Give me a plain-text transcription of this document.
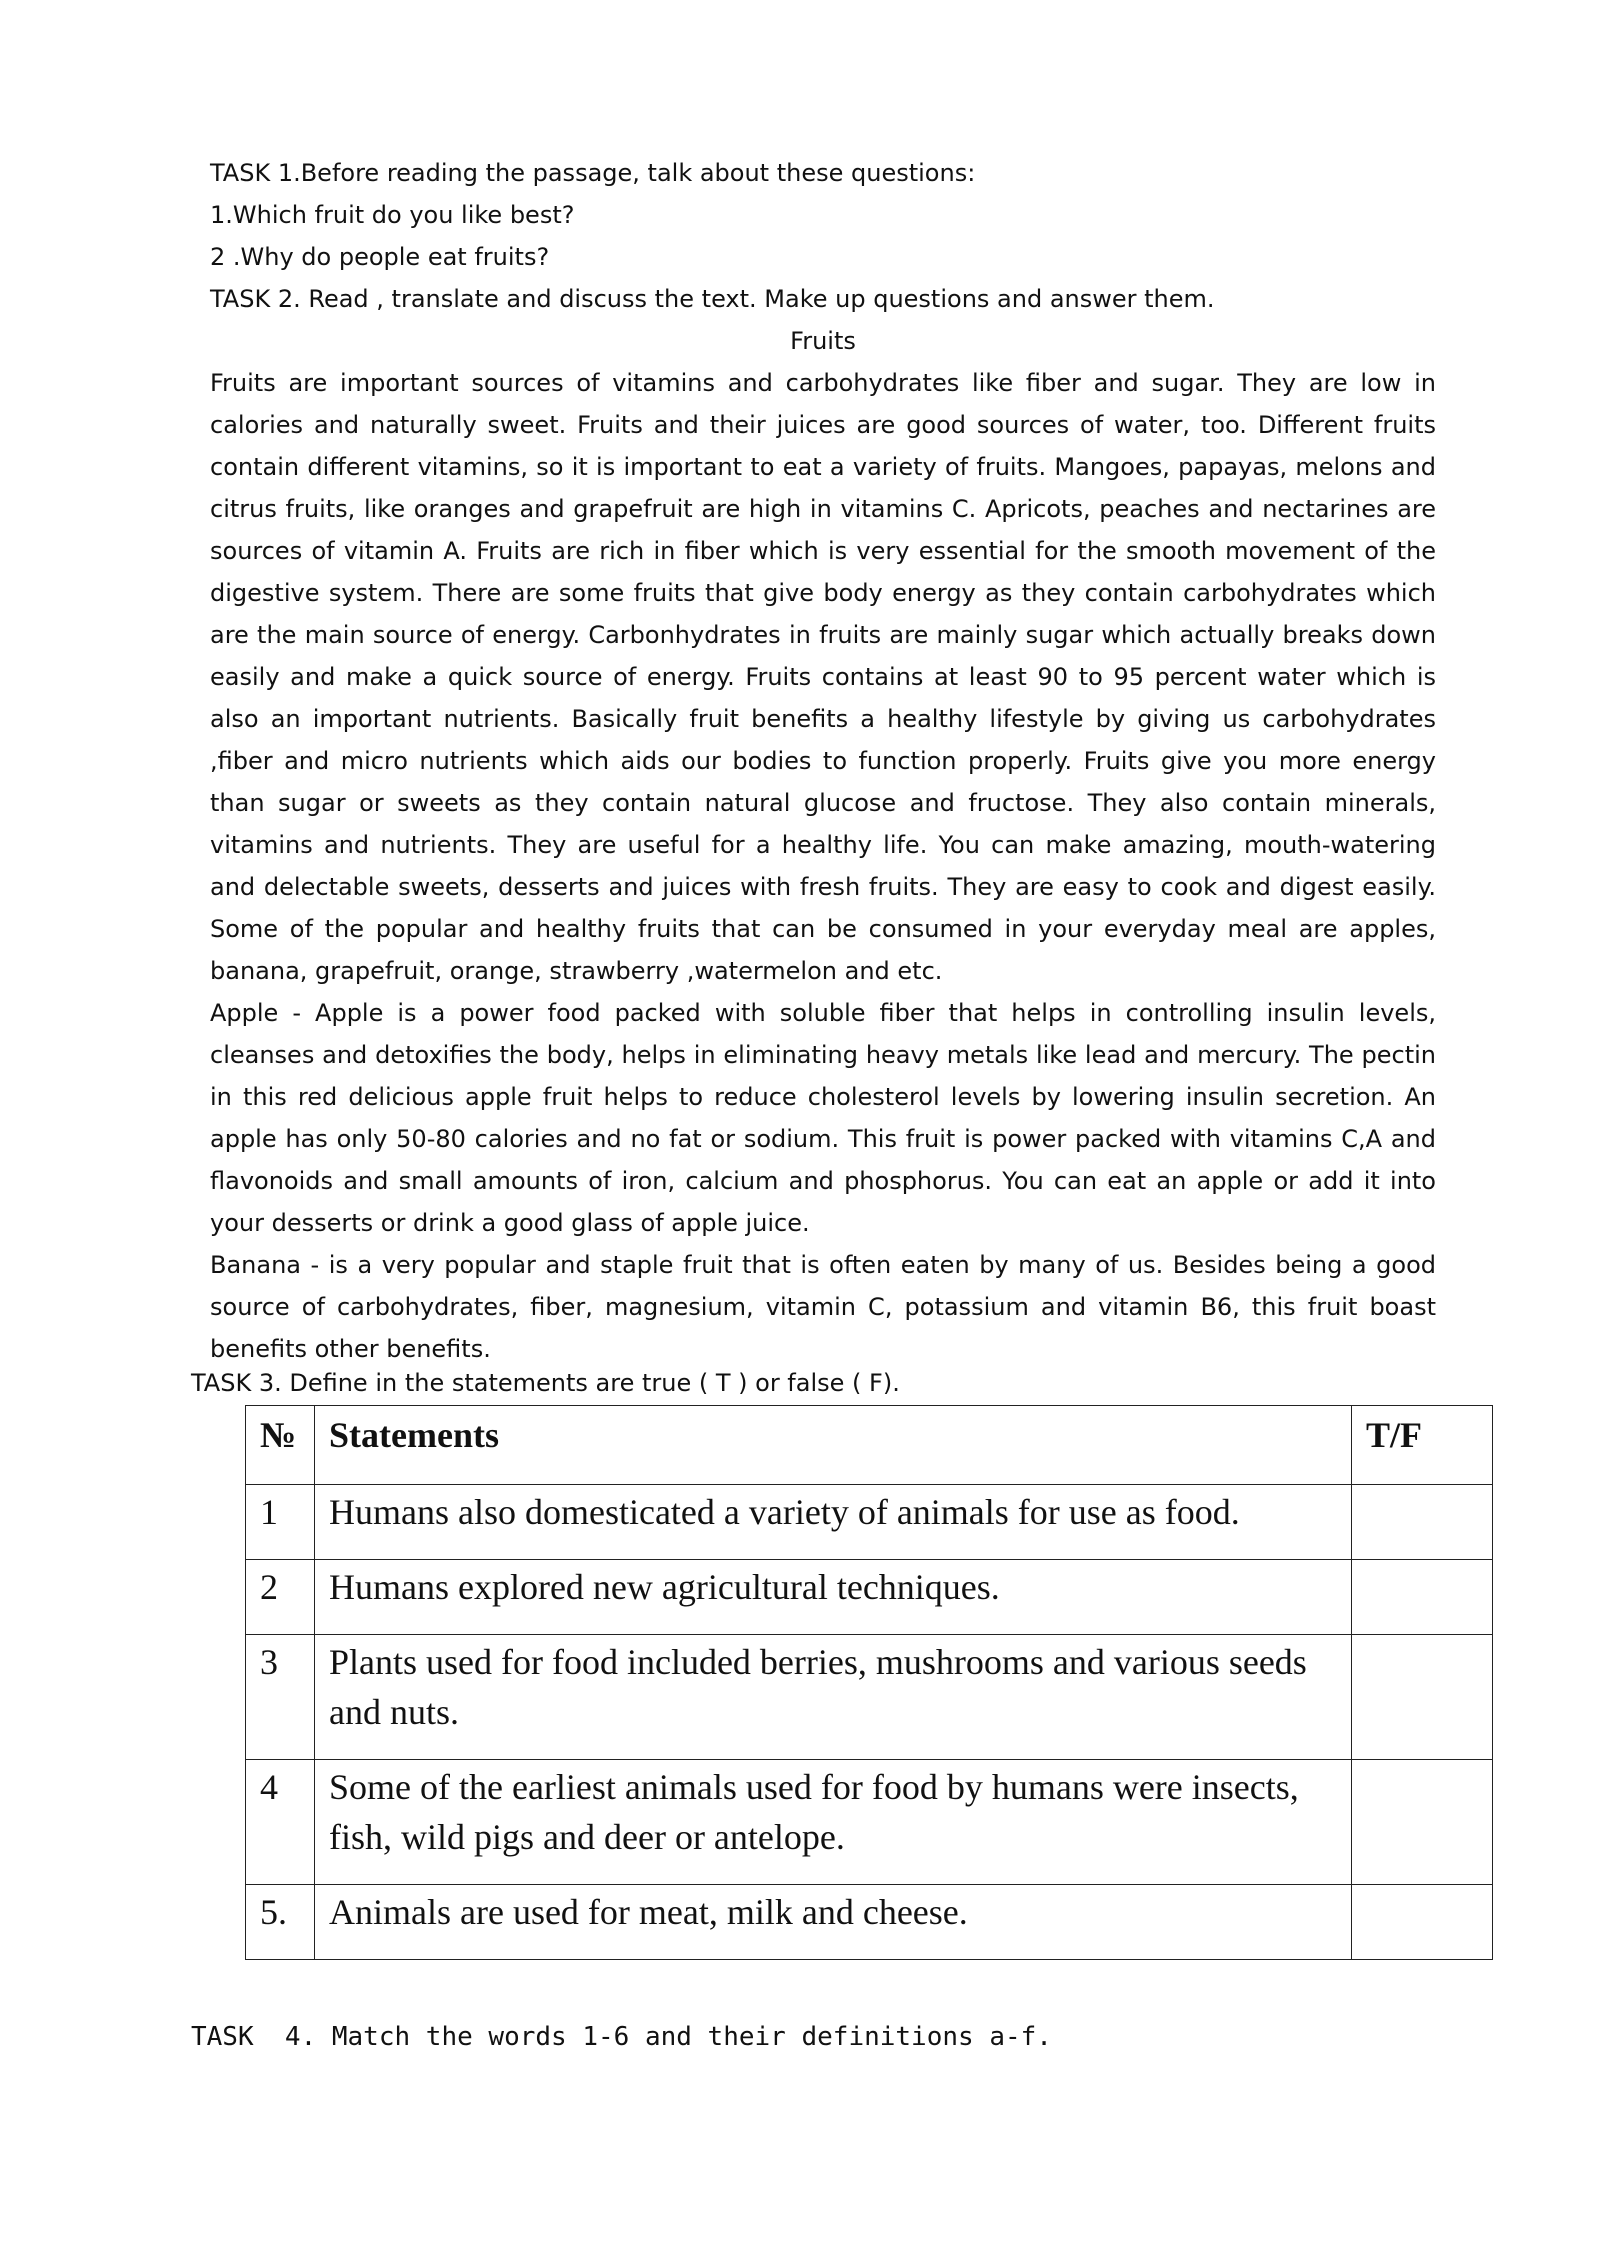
TASK 1.Before reading the passage, talk about these questions:

1.Which fruit do you like best?

2 .Why do people eat fruits?

TASK 2. Read , translate and discuss the text. Make up questions and answer them.

Fruits

Fruits are important sources of vitamins and carbohydrates like fiber and sugar. They are low in calories and naturally sweet. Fruits and their juices are good sources of water, too. Different fruits contain different vitamins, so it is important to eat a variety of fruits. Mangoes, papayas, melons and citrus fruits, like oranges and grapefruit are high in vitamins C. Apricots, peaches and nectarines are sources of vitamin A. Fruits are rich in fiber which is very essential for the smooth movement of the digestive system. There are some fruits that give body energy as they contain carbohydrates which are the main source of energy. Carbonhydrates in fruits are mainly sugar which actually breaks down easily and make a quick source of energy. Fruits contains at least 90 to 95 percent water which is also an important nutrients. Basically fruit benefits a healthy lifestyle by giving us carbohydrates ,fiber and micro nutrients which aids our bodies to function properly. Fruits give you more energy than sugar or sweets as they contain natural glucose and fructose. They also contain minerals, vitamins and nutrients. They are useful for a healthy life. You can make amazing, mouth-watering and delectable sweets, desserts and juices with fresh fruits. They are easy to cook and digest easily. Some of the popular and healthy fruits that can be consumed in your everyday meal are apples, banana, grapefruit, orange, strawberry ,watermelon and etc.

Apple - Apple is a power food packed with soluble fiber that helps in controlling insulin levels, cleanses and detoxifies the body, helps in eliminating heavy metals like lead and mercury. The pectin in this red delicious apple fruit helps to reduce cholesterol levels by lowering insulin secretion. An apple has only 50-80 calories and no fat or sodium. This fruit is power packed with vitamins C,A and flavonoids and small amounts of iron, calcium and phosphorus. You can eat an apple or add it into your desserts or drink a good glass of apple juice.

Banana - is a very popular and staple fruit that is often eaten by many of us. Besides being a good source of carbohydrates, fiber, magnesium, vitamin C, potassium and vitamin B6, this fruit boast benefits other benefits.

TASK 3. Define in the statements are true ( T ) or false ( F).
№	Statements	T/F
1	Humans also domesticated a variety of animals for use as food.	
2	Humans explored new agricultural techniques.	
3	Plants used for food included berries, mushrooms and various seeds and nuts.	
4	Some of the earliest animals used for food by humans were insects, fish, wild pigs and deer or antelope.	
5.	Animals are used for meat, milk and cheese.	
TASK  4. Match the words 1-6 and their definitions a-f.
